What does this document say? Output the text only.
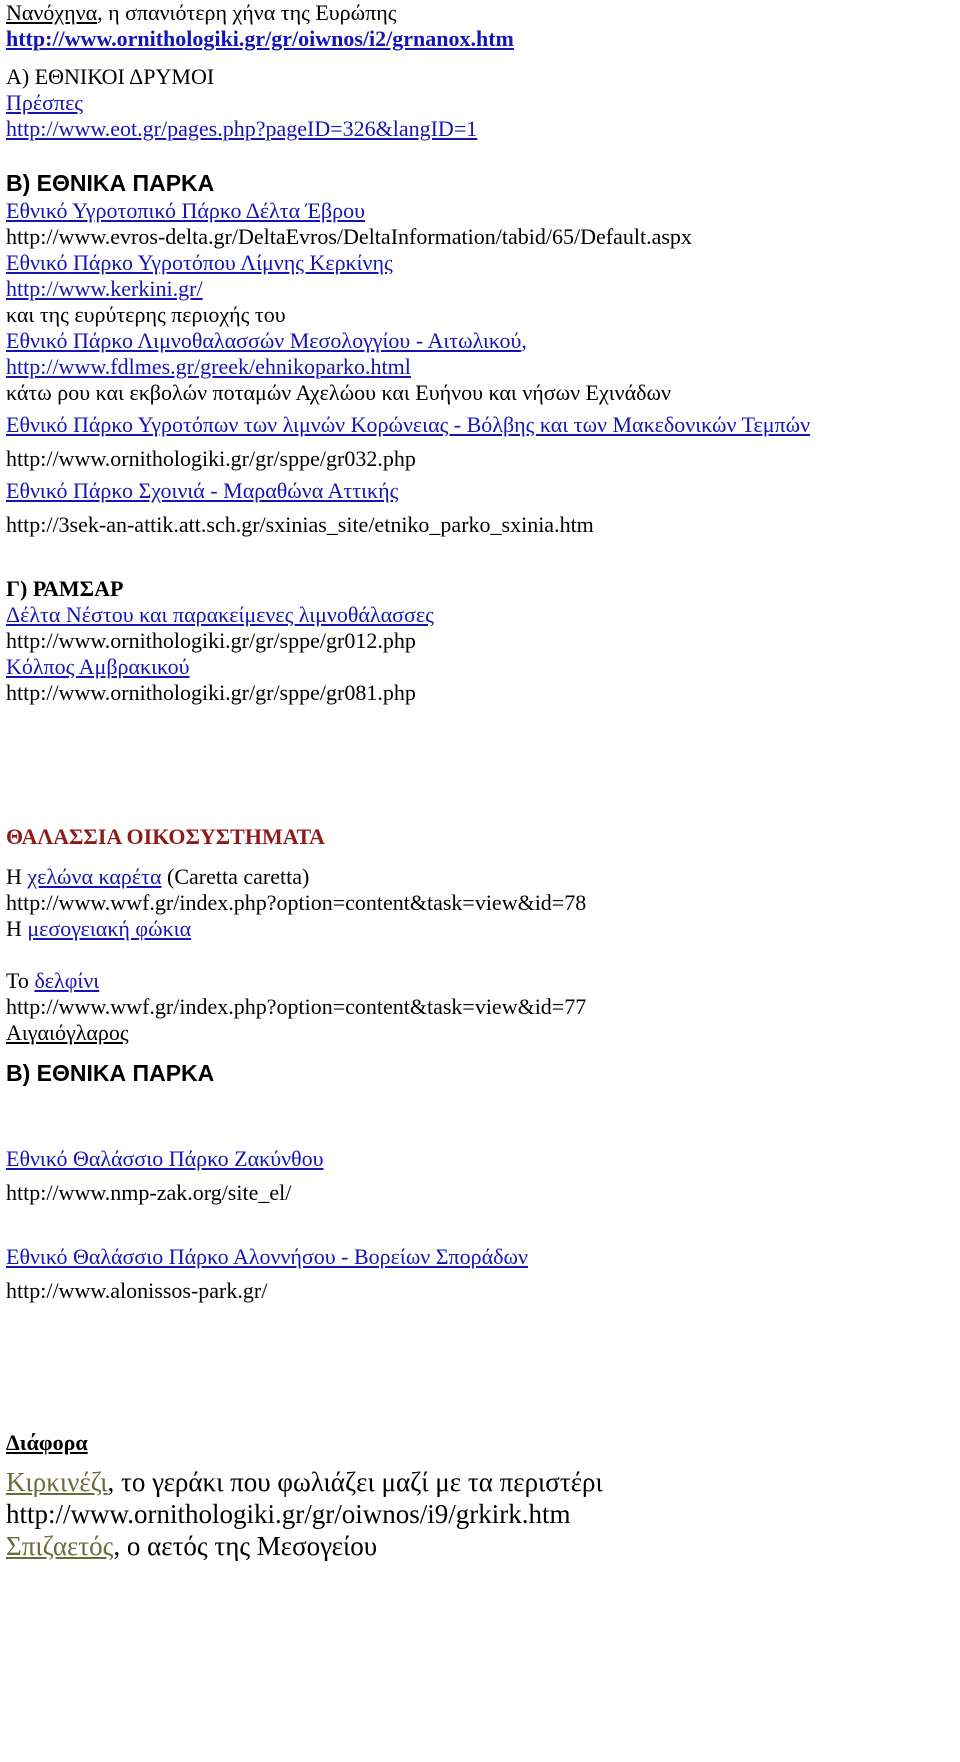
Νανόχηνα, η σπανιότερη χήνα της Ευρώπης
http://www.ornithologiki.gr/gr/oiwnos/i2/grnanox.htm
Α) ΕΘΝΙΚΟΙ ΔΡΥΜΟΙ
Πρέσπες
http://www.eot.gr/pages.php?pageID=326&langID=1
Β) ΕΘΝΙΚΑ ΠΑΡΚΑ
Εθνικό Υγροτοπικό Πάρκο Δέλτα Έβρου
http://www.evros-delta.gr/DeltaEvros/DeltaInformation/tabid/65/Default.aspx
Εθνικό Πάρκο Υγροτόπου Λίμνης Κερκίνης
http://www.kerkini.gr/
και της ευρύτερης περιοχής του
Εθνικό Πάρκο Λιμνοθαλασσών Μεσολογγίου - Αιτωλικού,
http://www.fdlmes.gr/greek/ehnikoparko.html
κάτω ρου και εκβολών ποταμών Αχελώου και Ευήνου και νήσων Εχινάδων
Εθνικό Πάρκο Υγροτόπων των λιμνών Κορώνειας - Βόλβης και των Μακεδονικών Τεμπών
http://www.ornithologiki.gr/gr/sppe/gr032.php
Εθνικό Πάρκο Σχοινιά - Μαραθώνα Αττικής
http://3sek-an-attik.att.sch.gr/sxinias_site/etniko_parko_sxinia.htm
Γ) ΡΑΜΣΑΡ
Δέλτα Νέστου και παρακείμενες λιμνοθάλασσες
http://www.ornithologiki.gr/gr/sppe/gr012.php
Κόλπος Αμβρακικού
http://www.ornithologiki.gr/gr/sppe/gr081.php
ΘΑΛΑΣΣΙΑ ΟΙΚΟΣΥΣΤΗΜΑΤΑ
Η χελώνα καρέτα (Caretta caretta)
http://www.wwf.gr/index.php?option=content&task=view&id=78
Η μεσογειακή φώκια
Το δελφίνι
http://www.wwf.gr/index.php?option=content&task=view&id=77
Αιγαιόγλαρος
Β) ΕΘΝΙΚΑ ΠΑΡΚΑ
Εθνικό Θαλάσσιο Πάρκο Ζακύνθου
http://www.nmp-zak.org/site_el/
Εθνικό Θαλάσσιο Πάρκο Αλοννήσου - Βορείων Σποράδων
http://www.alonissos-park.gr/
Διάφορα
Κιρκινέζι, το γεράκι που φωλιάζει μαζί με τα περιστέρι
http://www.ornithologiki.gr/gr/oiwnos/i9/grkirk.htm
Σπιζαετός, ο αετός της Μεσογείου
